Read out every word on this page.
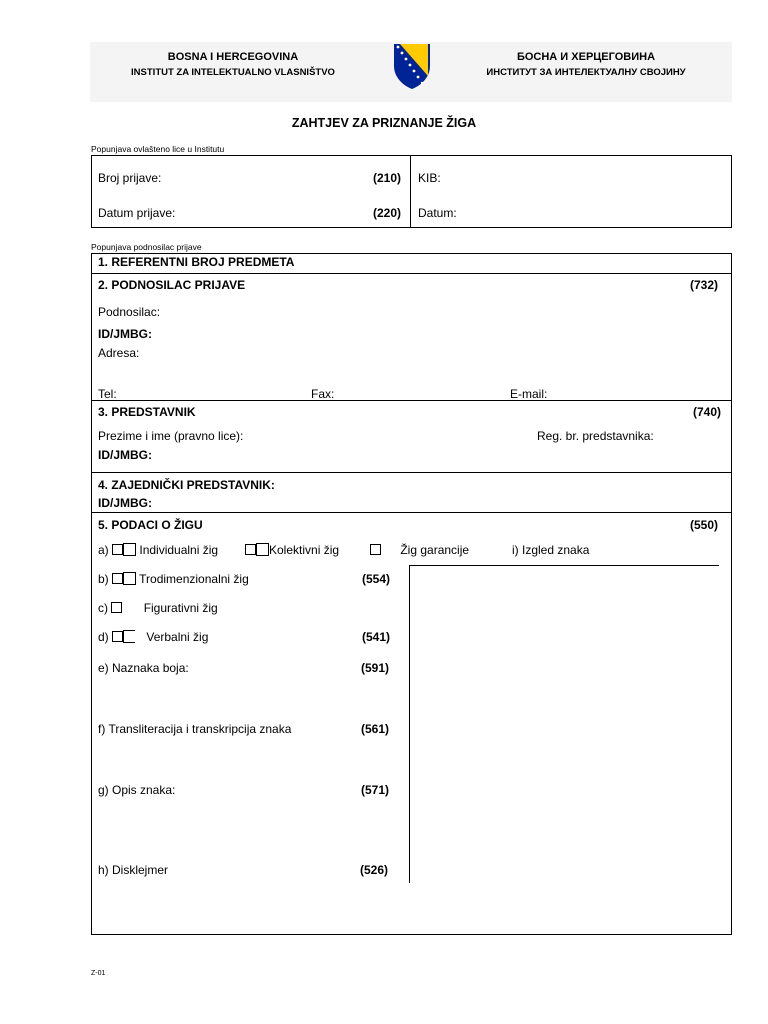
BOSNA I HERCEGOVINA
INSTITUT ZA INTELEKTUALNO VLASNIŠTVO
БОСНА И ХЕРЦЕГОВИНА
ИНСТИТУТ ЗА ИНТЕЛЕКТУАЛНУ СВОЈИНУ
ZAHTJEV ZA PRIZNANJE ŽIGA
Popunjava ovlašteno lice u Institutu
Broj prijave:	(210) KIB:
Datum prijave:	(220) Datum:
Popunjava podnosilac prijave
1. REFERENTNI BROJ PREDMETA
2. PODNOSILAC PRIJAVE	(732)
Podnosilac:
ID/JMBG:
Adresa:
Tel:	Fax:	E-mail:
3. PREDSTAVNIK	(740)
Prezime i ime (pravno lice):	Reg. br. predstavnika:
ID/JMBG:
4. ZAJEDNIČKI PREDSTAVNIK:
ID/JMBG:
5. PODACI O ŽIGU	(550)
a)	Individualni žig	Kolektivni žig	Žig garancije	i) Izgled znaka
b)	Trodimenzionalni žig	(554)
c)	Figurativni žig
d)	Verbalni žig	(541)
e) Naznaka boja:	(591)
f) Transliteracija i transkripcija znaka	(561)
g) Opis znaka:	(571)
h) Disklejmer	(526)
Z-01
